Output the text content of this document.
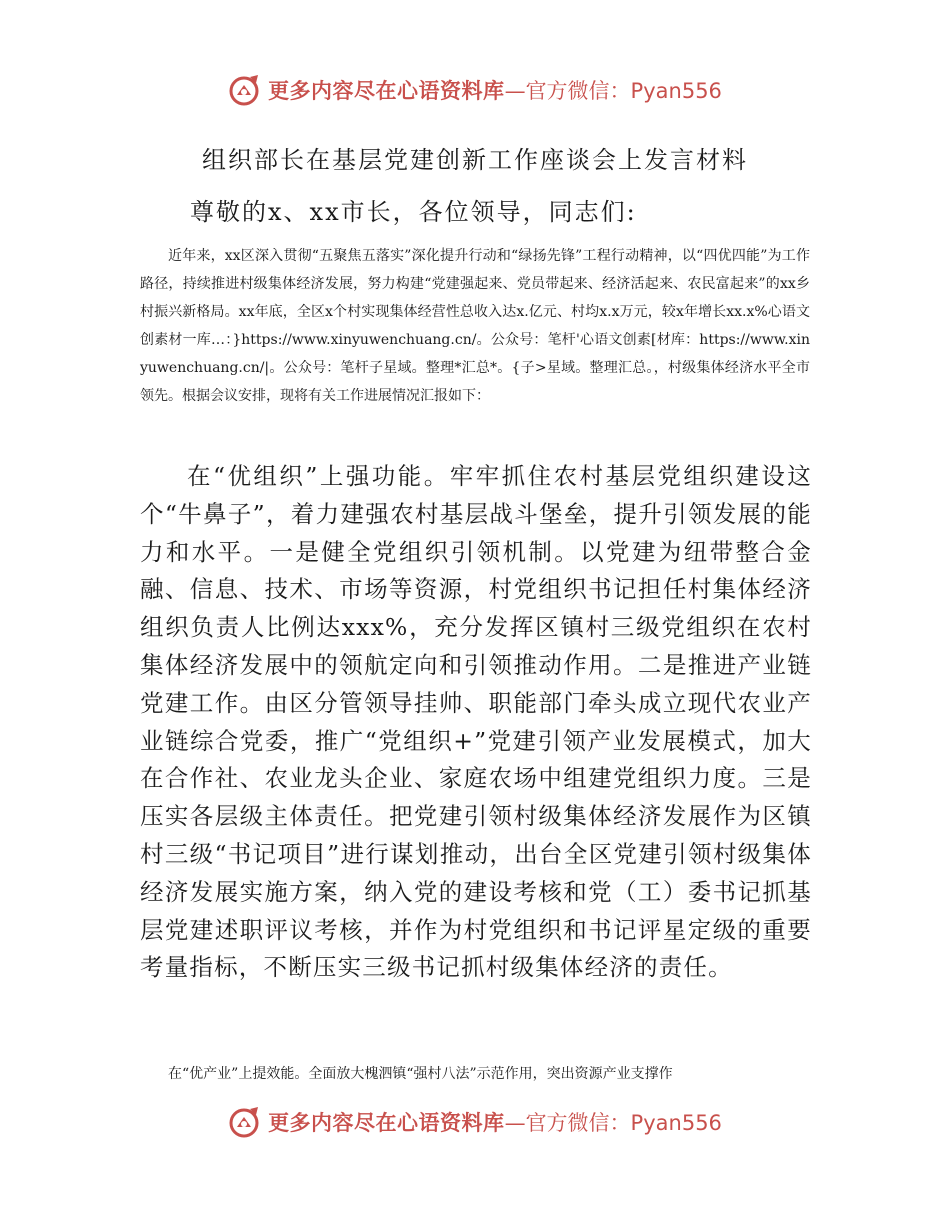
更多内容尽在心语资料库 —官方微信：Pyan556
组织部长在基层党建创新工作座谈会上发言材料

尊敬的x、xx市长，各位领导，同志们:

近年来，xx区深入贯彻“五聚焦五落实”深化提升行动和“绿扬先锋”工程行动精神，以“四优四能”为工作路径，持续推进村级集体经济发展，努力构建“党建强起来、党员带起来、经济活起来、农民富起来”的xx乡村振兴新格局。xx年底，全区x个村实现集体经营性总收入达x.亿元、村均x.x万元，较x年增长xx.x%心语文创素材一库…：}https://www.xinyuwenchuang.cn/。公众号：笔杆'心语文创素[材库：https://www.xinyuwenchuang.cn/|。公众号：笔杆子星域。整理*汇总*。{子>星域。整理汇总。，村级集体经济水平全市领先。根据会议安排，现将有关工作进展情况汇报如下：

在“优组织”上强功能。牢牢抓住农村基层党组织建设这个“牛鼻子”，着力建强农村基层战斗堡垒，提升引领发展的能力和水平。一是健全党组织引领机制。以党建为纽带整合金融、信息、技术、市场等资源，村党组织书记担任村集体经济组织负责人比例达xxx%，充分发挥区镇村三级党组织在农村集体经济发展中的领航定向和引领推动作用。二是推进产业链党建工作。由区分管领导挂帅、职能部门牵头成立现代农业产业链综合党委，推广“党组织+”党建引领产业发展模式，加大在合作社、农业龙头企业、家庭农场中组建党组织力度。三是压实各层级主体责任。把党建引领村级集体经济发展作为区镇村三级“书记项目”进行谋划推动，出台全区党建引领村级集体经济发展实施方案，纳入党的建设考核和党（工）委书记抓基层党建述职评议考核，并作为村党组织和书记评星定级的重要考量指标，不断压实三级书记抓村级集体经济的责任。

在“优产业”上提效能。全面放大槐泗镇“强村八法”示范作用，突出资源产业支撑作

更多内容尽在心语资料库 —官方微信：Pyan556
